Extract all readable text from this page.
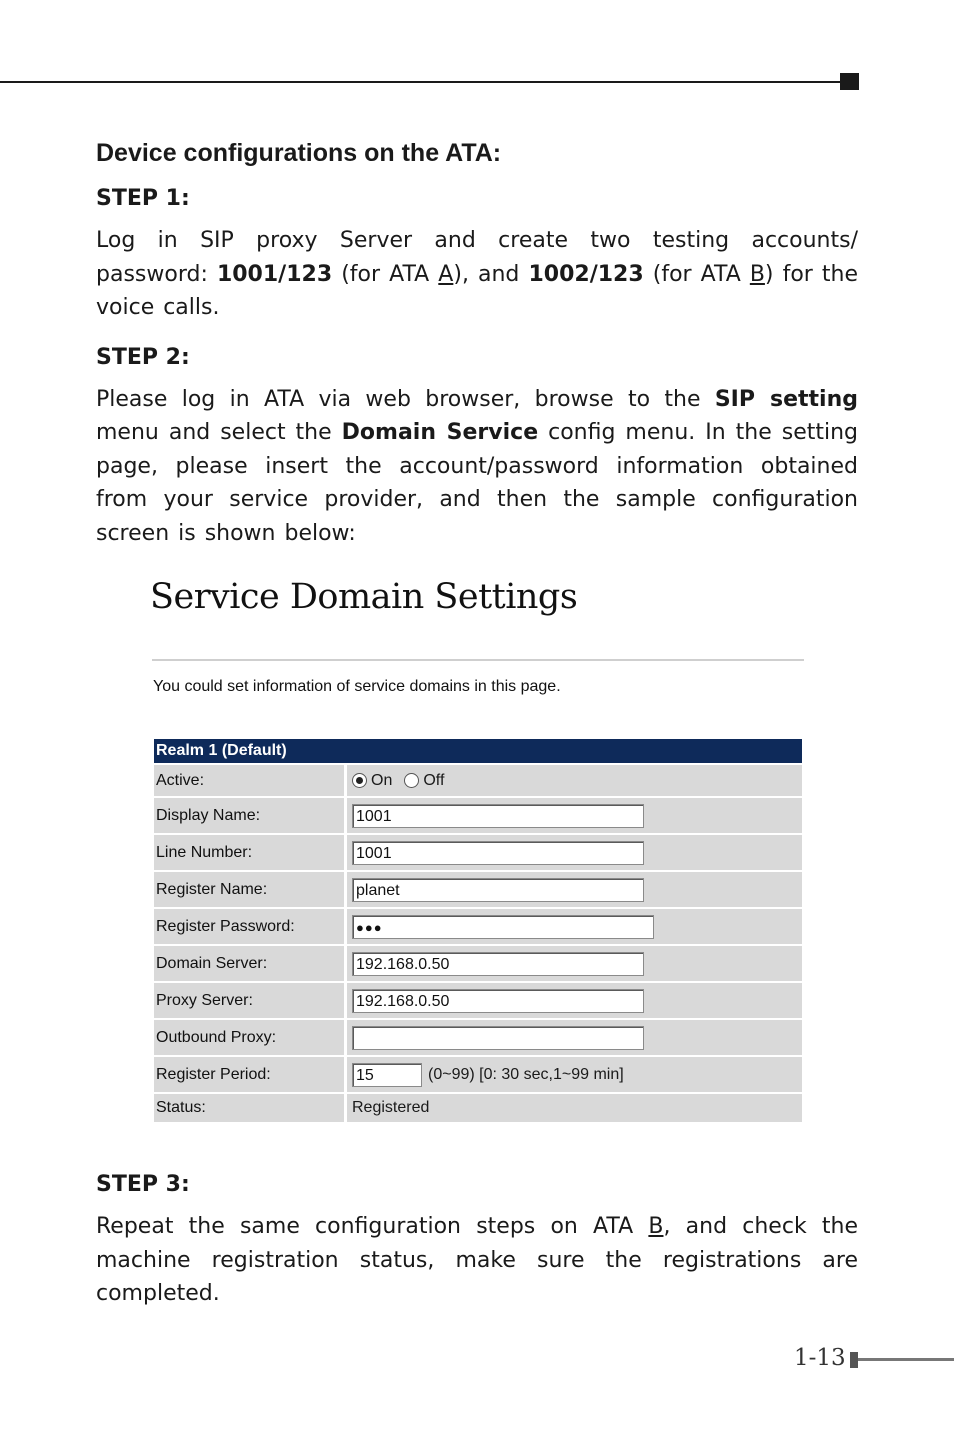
Device configurations on the ATA:

STEP 1:

Log in SIP proxy Server and create two testing accounts/ password: 1001/123 (for ATA A), and 1002/123 (for ATA B) for the voice calls.

STEP 2:

Please log in ATA via web browser, browse to the SIP setting menu and select the Domain Service config menu. In the setting page, please insert the account/password information obtained from your service provider, and then the sample configuration screen is shown below:

Service Domain Settings

You could set information of service domains in this page.
Realm 1 (Default)
Active:	On Off
Display Name:	1001
Line Number:	1001
Register Name:	planet
Register Password:	●●●
Domain Server:	192.168.0.50
Proxy Server:	192.168.0.50
Outbound Proxy:
Register Period:	15	(0~99) [0: 30 sec,1~99 min]
Status:	Registered

STEP 3:

Repeat the same configuration steps on ATA B, and check the machine registration status, make sure the registrations are completed.

1-13
